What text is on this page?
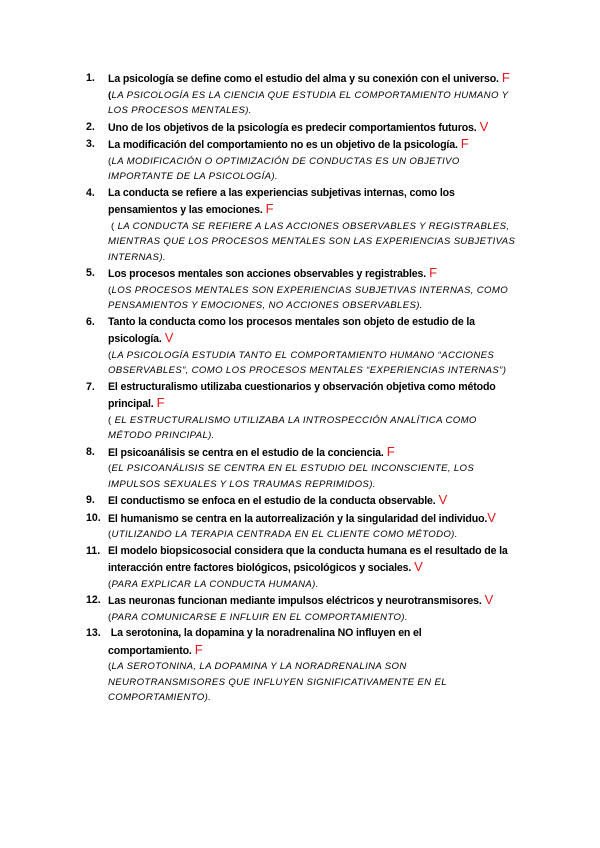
1. La psicología se define como el estudio del alma y su conexión con el universo. F
(LA PSICOLOGÍA ES LA CIENCIA QUE ESTUDIA EL COMPORTAMIENTO HUMANO Y LOS PROCESOS MENTALES).
2. Uno de los objetivos de la psicología es predecir comportamientos futuros. V
3. La modificación del comportamiento no es un objetivo de la psicología. F
(LA MODIFICACIÓN O OPTIMIZACIÓN DE CONDUCTAS ES UN OBJETIVO IMPORTANTE DE LA PSICOLOGÍA).
4. La conducta se refiere a las experiencias subjetivas internas, como los pensamientos y las emociones. F
( LA CONDUCTA SE REFIERE A LAS ACCIONES OBSERVABLES Y REGISTRABLES, MIENTRAS QUE LOS PROCESOS MENTALES SON LAS EXPERIENCIAS SUBJETIVAS INTERNAS).
5. Los procesos mentales son acciones observables y registrables. F
(LOS PROCESOS MENTALES SON EXPERIENCIAS SUBJETIVAS INTERNAS, COMO PENSAMIENTOS Y EMOCIONES, NO ACCIONES OBSERVABLES).
6. Tanto la conducta como los procesos mentales son objeto de estudio de la psicología. V
(LA PSICOLOGÍA ESTUDIA TANTO EL COMPORTAMIENTO HUMANO “ACCIONES OBSERVABLES”, COMO LOS PROCESOS MENTALES “EXPERIENCIAS INTERNAS”)
7. El estructuralismo utilizaba cuestionarios y observación objetiva como método principal. F
( EL ESTRUCTURALISMO UTILIZABA LA INTROSPECCIÓN ANALÍTICA COMO MÉTODO PRINCIPAL).
8. El psicoanálisis se centra en el estudio de la conciencia. F
(EL PSICOANÁLISIS SE CENTRA EN EL ESTUDIO DEL INCONSCIENTE, LOS IMPULSOS SEXUALES Y LOS TRAUMAS REPRIMIDOS).
9. El conductismo se enfoca en el estudio de la conducta observable. V
10. El humanismo se centra en la autorrealización y la singularidad del individuo.V
(UTILIZANDO LA TERAPIA CENTRADA EN EL CLIENTE COMO MÉTODO).
11. El modelo biopsicosocial considera que la conducta humana es el resultado de la interacción entre factores biológicos, psicológicos y sociales. V
(PARA EXPLICAR LA CONDUCTA HUMANA).
12. Las neuronas funcionan mediante impulsos eléctricos y neurotransmisores. V
(PARA COMUNICARSE E INFLUIR EN EL COMPORTAMIENTO).
13. La serotonina, la dopamina y la noradrenalina NO influyen en el comportamiento. F
(LA SEROTONINA, LA DOPAMINA Y LA NORADRENALINA SON NEUROTRANSMISORES QUE INFLUYEN SIGNIFICATIVAMENTE EN EL COMPORTAMIENTO).
